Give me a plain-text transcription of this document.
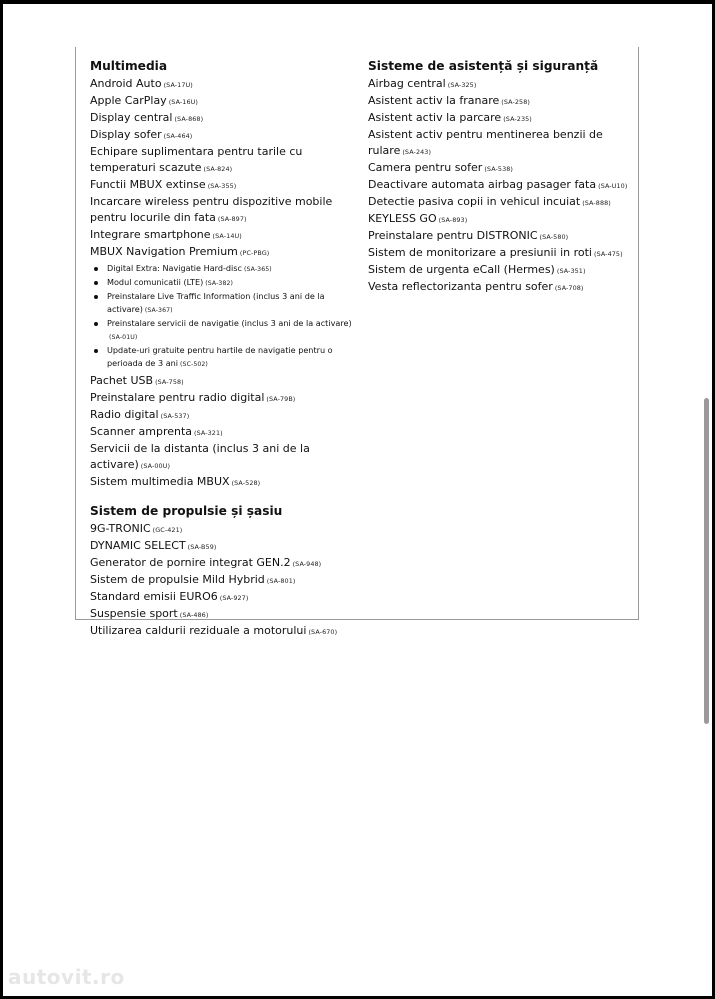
Multimedia
Android Auto (SA-17U)
Apple CarPlay (SA-16U)
Display central (SA-868)
Display sofer (SA-464)
Echipare suplimentara pentru tarile cu temperaturi scazute (SA-824)
Functii MBUX extinse (SA-355)
Incarcare wireless pentru dispozitive mobile pentru locurile din fata (SA-897)
Integrare smartphone (SA-14U)
MBUX Navigation Premium (PC-PBG)
Digital Extra: Navigatie Hard-disc (SA-365)
Modul comunicatii (LTE) (SA-382)
Preinstalare Live Traffic Information (inclus 3 ani de la activare) (SA-367)
Preinstalare servicii de navigatie (inclus 3 ani de la activare)(SA-01U)
Update-uri gratuite pentru hartile de navigatie pentru o perioada de 3 ani (SC-502)
Pachet USB (SA-758)
Preinstalare pentru radio digital (SA-79B)
Radio digital (SA-537)
Scanner amprenta (SA-321)
Servicii de la distanta (inclus 3 ani de la activare) (SA-00U)
Sistem multimedia MBUX (SA-528)
Sistem de propulsie și șasiu
9G-TRONIC (GC-421)
DYNAMIC SELECT (SA-B59)
Generator de pornire integrat GEN.2 (SA-948)
Sistem de propulsie Mild Hybrid (SA-801)
Standard emisii EURO6 (SA-927)
Suspensie sport (SA-486)
Utilizarea caldurii reziduale a motorului (SA-670)
Sisteme de asistență și siguranță
Airbag central (SA-325)
Asistent activ la franare (SA-258)
Asistent activ la parcare (SA-235)
Asistent activ pentru mentinerea benzii de rulare (SA-243)
Camera pentru sofer (SA-538)
Deactivare automata airbag pasager fata (SA-U10)
Detectie pasiva copii in vehicul incuiat (SA-888)
KEYLESS GO (SA-893)
Preinstalare pentru DISTRONIC (SA-580)
Sistem de monitorizare a presiunii in roti (SA-475)
Sistem de urgenta eCall (Hermes) (SA-351)
Vesta reflectorizanta pentru sofer (SA-708)
autovit.ro
